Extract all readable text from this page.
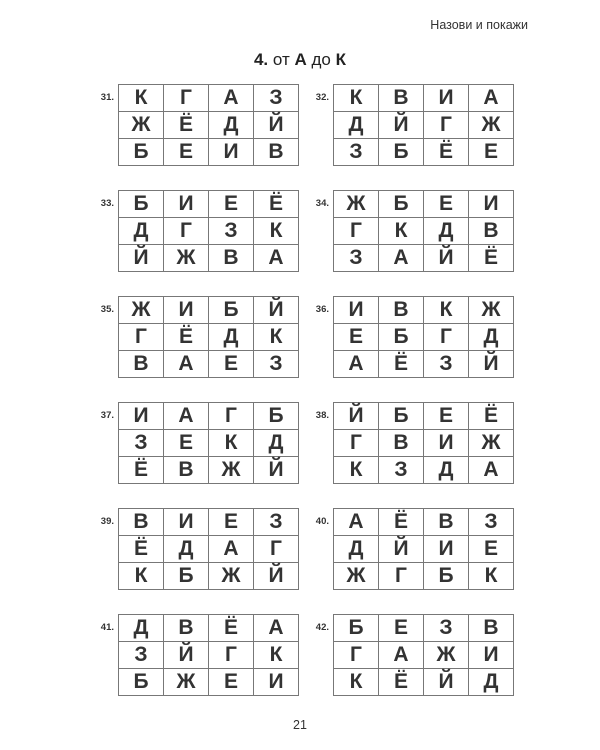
Назови и покажи
4. от А до К
31. К	Г	А	З
Ж	Ё	Д	Й
Б	Е	И	В
32. К	В	И	А
Д	Й	Г	Ж
З	Б	Ё	Е
33. Б	И	Е	Ё
Д	Г	З	К
Й	Ж	В	А
34. Ж	Б	Е	И
Г	К	Д	В
З	А	Й	Ё
35. Ж	И	Б	Й
Г	Ё	Д	К
В	А	Е	З
36. И	В	К	Ж
Е	Б	Г	Д
А	Ё	З	Й
37. И	А	Г	Б
З	Е	К	Д
Ё	В	Ж	Й
38. Й	Б	Е	Ё
Г	В	И	Ж
К	З	Д	А
39. В	И	Е	З
Ё	Д	А	Г
К	Б	Ж	Й
40. А	Ё	В	З
Д	Й	И	Е
Ж	Г	Б	К
41. Д	В	Ё	А
З	Й	Г	К
Б	Ж	Е	И
42. Б	Е	З	В
Г	А	Ж	И
К	Ё	Й	Д
21
